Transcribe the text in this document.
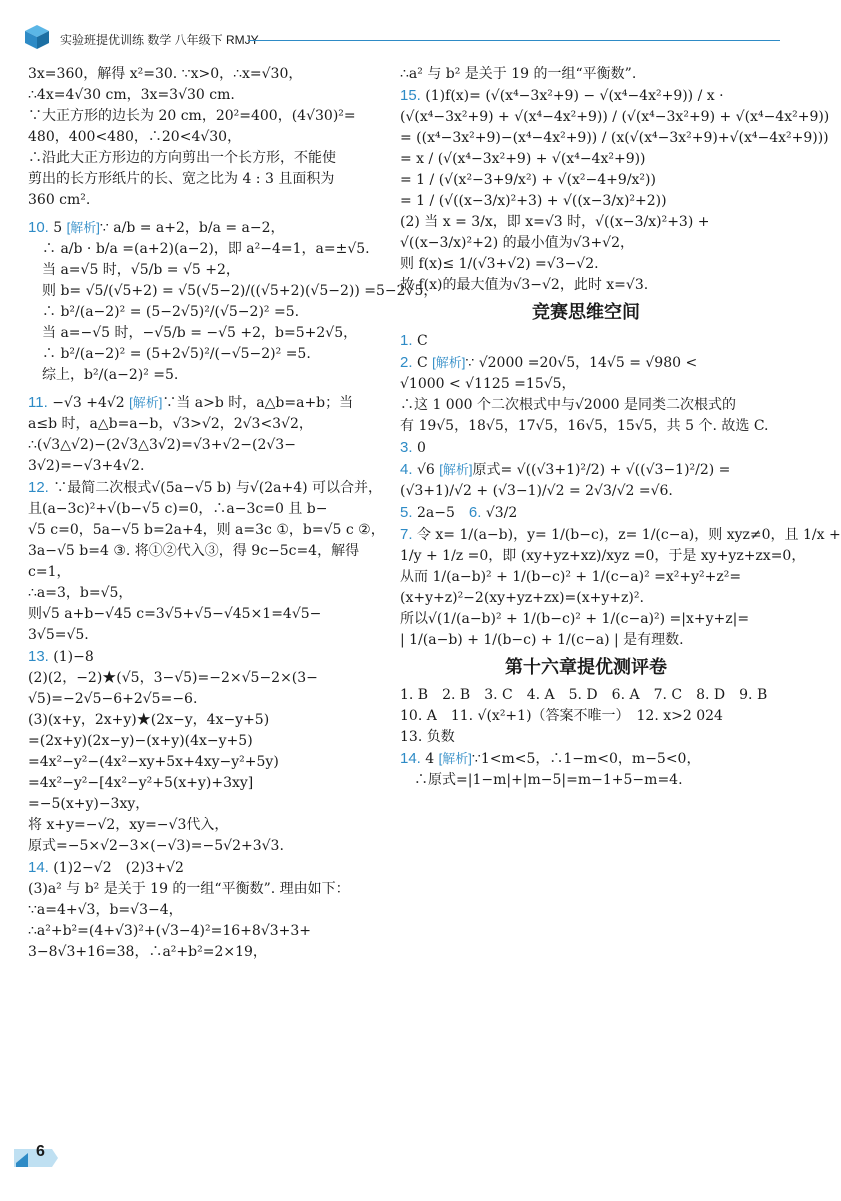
实验班提优训练 数学 八年级下 RMJY
3x=360，解得 x²=30. ∵x>0，∴x=√30，
∴4x=4√30 cm，3x=3√30 cm.
∵大正方形的边长为 20 cm，20²=400，(4√30)²=
480，400<480，∴20<4√30，
∴沿此大正方形边的方向剪出一个长方形，不能使
剪出的长方形纸片的长、宽之比为 4 : 3 且面积为
360 cm².
10. 5 [解析]∵ a/b = a+2，b/a = a−2，
　∴ a/b · b/a =(a+2)(a−2)，即 a²−4=1，a=±√5.
　当 a=√5 时，√5/b = √5 +2，
　则 b= √5/(√5+2) = √5(√5−2)/((√5+2)(√5−2)) =5−2√5，
　∴ b²/(a−2)² = (5−2√5)²/(√5−2)² =5.
　当 a=−√5 时，−√5/b = −√5 +2，b=5+2√5，
　∴ b²/(a−2)² = (5+2√5)²/(−√5−2)² =5.
　综上，b²/(a−2)² =5.
11. −√3 +4√2 [解析]∵当 a>b 时，a△b=a+b；当
a≤b 时，a△b=a−b，√3>√2，2√3<3√2，
∴(√3△√2)−(2√3△3√2)=√3+√2−(2√3−
3√2)=−√3+4√2.
12. ∵最简二次根式√(5a−√5 b) 与√(2a+4) 可以合并，
且(a−3c)²+√(b−√5 c)=0，∴a−3c=0 且 b−
√5 c=0，5a−√5 b=2a+4，则 a=3c ①，b=√5 c ②，
3a−√5 b=4 ③. 将①②代入③，得 9c−5c=4，解得
c=1，
∴a=3，b=√5，
则√5 a+b−√45 c=3√5+√5−√45×1=4√5−
3√5=√5.
13. (1)−8
(2)(2，−2)★(√5，3−√5)=−2×√5−2×(3−
√5)=−2√5−6+2√5=−6.
(3)(x+y，2x+y)★(2x−y，4x−y+5)
=(2x+y)(2x−y)−(x+y)(4x−y+5)
=4x²−y²−(4x²−xy+5x+4xy−y²+5y)
=4x²−y²−[4x²−y²+5(x+y)+3xy]
=−5(x+y)−3xy，
将 x+y=−√2，xy=−√3代入，
原式=−5×√2−3×(−√3)=−5√2+3√3.
14. (1)2−√2　(2)3+√2
(3)a² 与 b² 是关于 19 的一组“平衡数”. 理由如下：
∵a=4+√3，b=√3−4，
∴a²+b²=(4+√3)²+(√3−4)²=16+8√3+3+
3−8√3+16=38，∴a²+b²=2×19，
∴a² 与 b² 是关于 19 的一组“平衡数”.
15. (1)f(x)= (√(x⁴−3x²+9) − √(x⁴−4x²+9)) / x ·
(√(x⁴−3x²+9) + √(x⁴−4x²+9)) / (√(x⁴−3x²+9) + √(x⁴−4x²+9))
= ((x⁴−3x²+9)−(x⁴−4x²+9)) / (x(√(x⁴−3x²+9)+√(x⁴−4x²+9)))
= x / (√(x⁴−3x²+9) + √(x⁴−4x²+9))
= 1 / (√(x²−3+9/x²) + √(x²−4+9/x²))
= 1 / (√((x−3/x)²+3) + √((x−3/x)²+2))
(2) 当 x = 3/x，即 x=√3 时，√((x−3/x)²+3) +
√((x−3/x)²+2) 的最小值为√3+√2，
则 f(x)≤ 1/(√3+√2) =√3−√2.
故 f(x)的最大值为√3−√2，此时 x=√3.
竞赛思维空间
1. C
2. C [解析]∵ √2000 =20√5，14√5 = √980 <
√1000 < √1125 =15√5，
∴这 1 000 个二次根式中与√2000 是同类二次根式的
有 19√5，18√5，17√5，16√5，15√5，共 5 个. 故选 C.
3. 0
4. √6 [解析]原式= √((√3+1)²/2) + √((√3−1)²/2) =
(√3+1)/√2 + (√3−1)/√2 = 2√3/√2 =√6.
5. 2a−5　6. √3/2
7. 令 x= 1/(a−b)，y= 1/(b−c)，z= 1/(c−a)，则 xyz≠0，且 1/x +
1/y + 1/z =0，即 (xy+yz+xz)/xyz =0，于是 xy+yz+zx=0，
从而 1/(a−b)² + 1/(b−c)² + 1/(c−a)² =x²+y²+z²=
(x+y+z)²−2(xy+yz+zx)=(x+y+z)².
所以√(1/(a−b)² + 1/(b−c)² + 1/(c−a)²) =|x+y+z|=
| 1/(a−b) + 1/(b−c) + 1/(c−a) | 是有理数.
第十六章提优测评卷
1. B　2. B　3. C　4. A　5. D　6. A　7. C　8. D　9. B
10. A　11. √(x²+1)（答案不唯一）　12. x>2 024
13. 负数
14. 4 [解析]∵1<m<5，∴1−m<0，m−5<0，
　∴原式=|1−m|+|m−5|=m−1+5−m=4.
6
